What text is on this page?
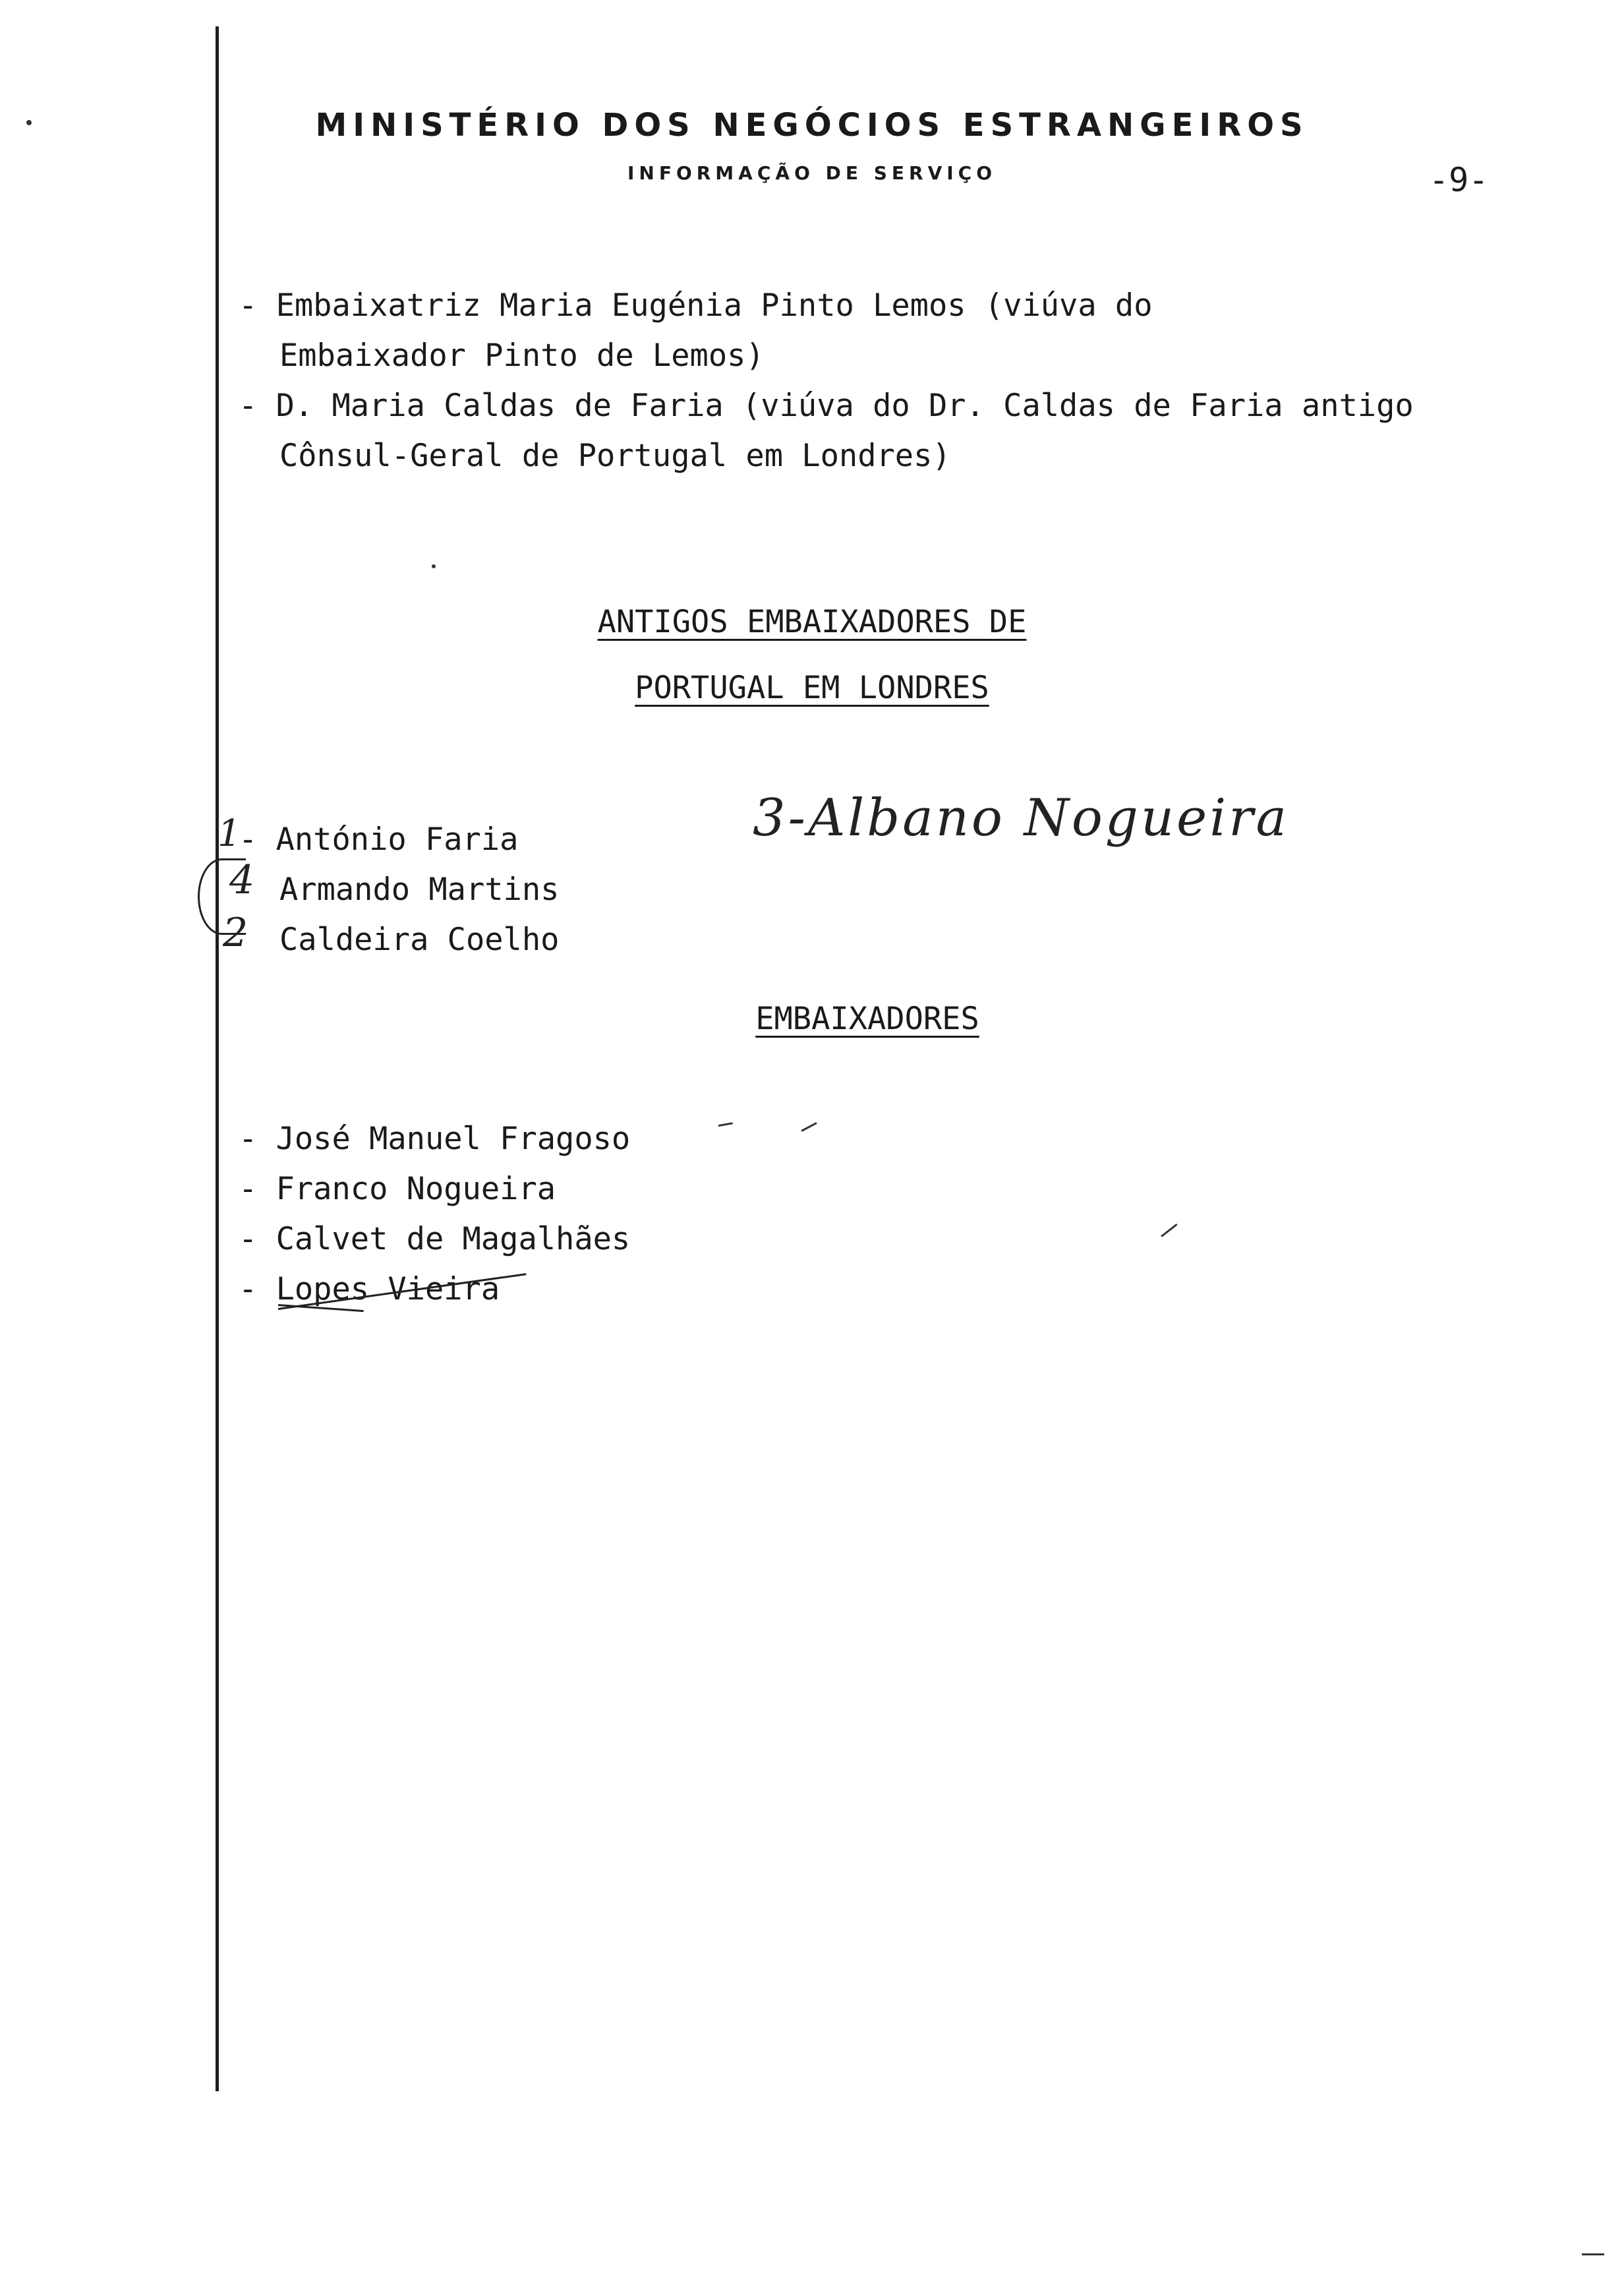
MINISTÉRIO DOS NEGÓCIOS ESTRANGEIROS
INFORMAÇÃO DE SERVIÇO	-9-
- Embaixatriz Maria Eugénia Pinto Lemos (viúva do
Embaixador Pinto de Lemos)
- D. Maria Caldas de Faria (viúva do Dr. Caldas de Faria antigo
Cônsul-Geral de Portugal em Londres)
ANTIGOS EMBAIXADORES DE
PORTUGAL EM LONDRES
1
- António Faria
4 Armando Martins
2 Caldeira Coelho
3-Albano Nogueira
EMBAIXADORES
- José Manuel Fragoso
- Franco Nogueira
- Calvet de Magalhães
- Lopes Vieira
